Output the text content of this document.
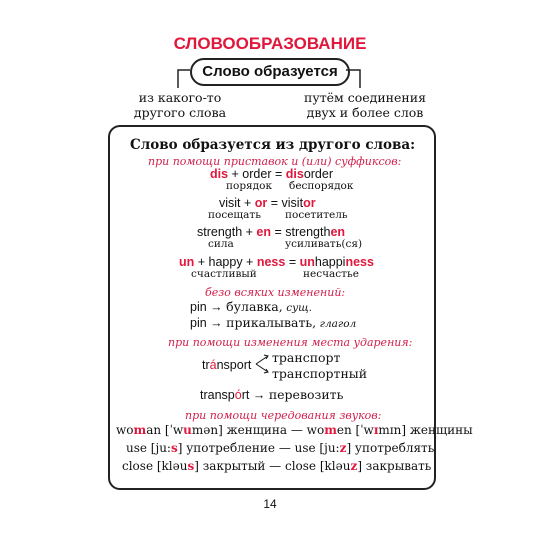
СЛОВООБРАЗОВАНИЕ
Слово образуется
из какого-то
другого слова
путём соединения
двух и более слов
Слово образуется из другого слова:
при помощи приставок и (или) суффиксов:
dis + order = disorder
порядок беспорядок
visit + or = visitor
посещать посетитель
strength + en = strengthen
сила	усиливать(ся)
un + happy + ness = unhappiness
счастливый	несчастье
безо всяких изменений:
pin → булавка, сущ.
pin → прикалывать, глагол
при помощи изменения места ударения:
tránsport транспорт
транспортный
transpórt → перевозить
при помощи чередования звуков:
woman [ˈwumən] женщина — women [ˈwɪmɪn] женщины
use [ju:s] употребление — use [ju:z] употреблять
close [kləus] закрытый — close [kləuz] закрывать
14
